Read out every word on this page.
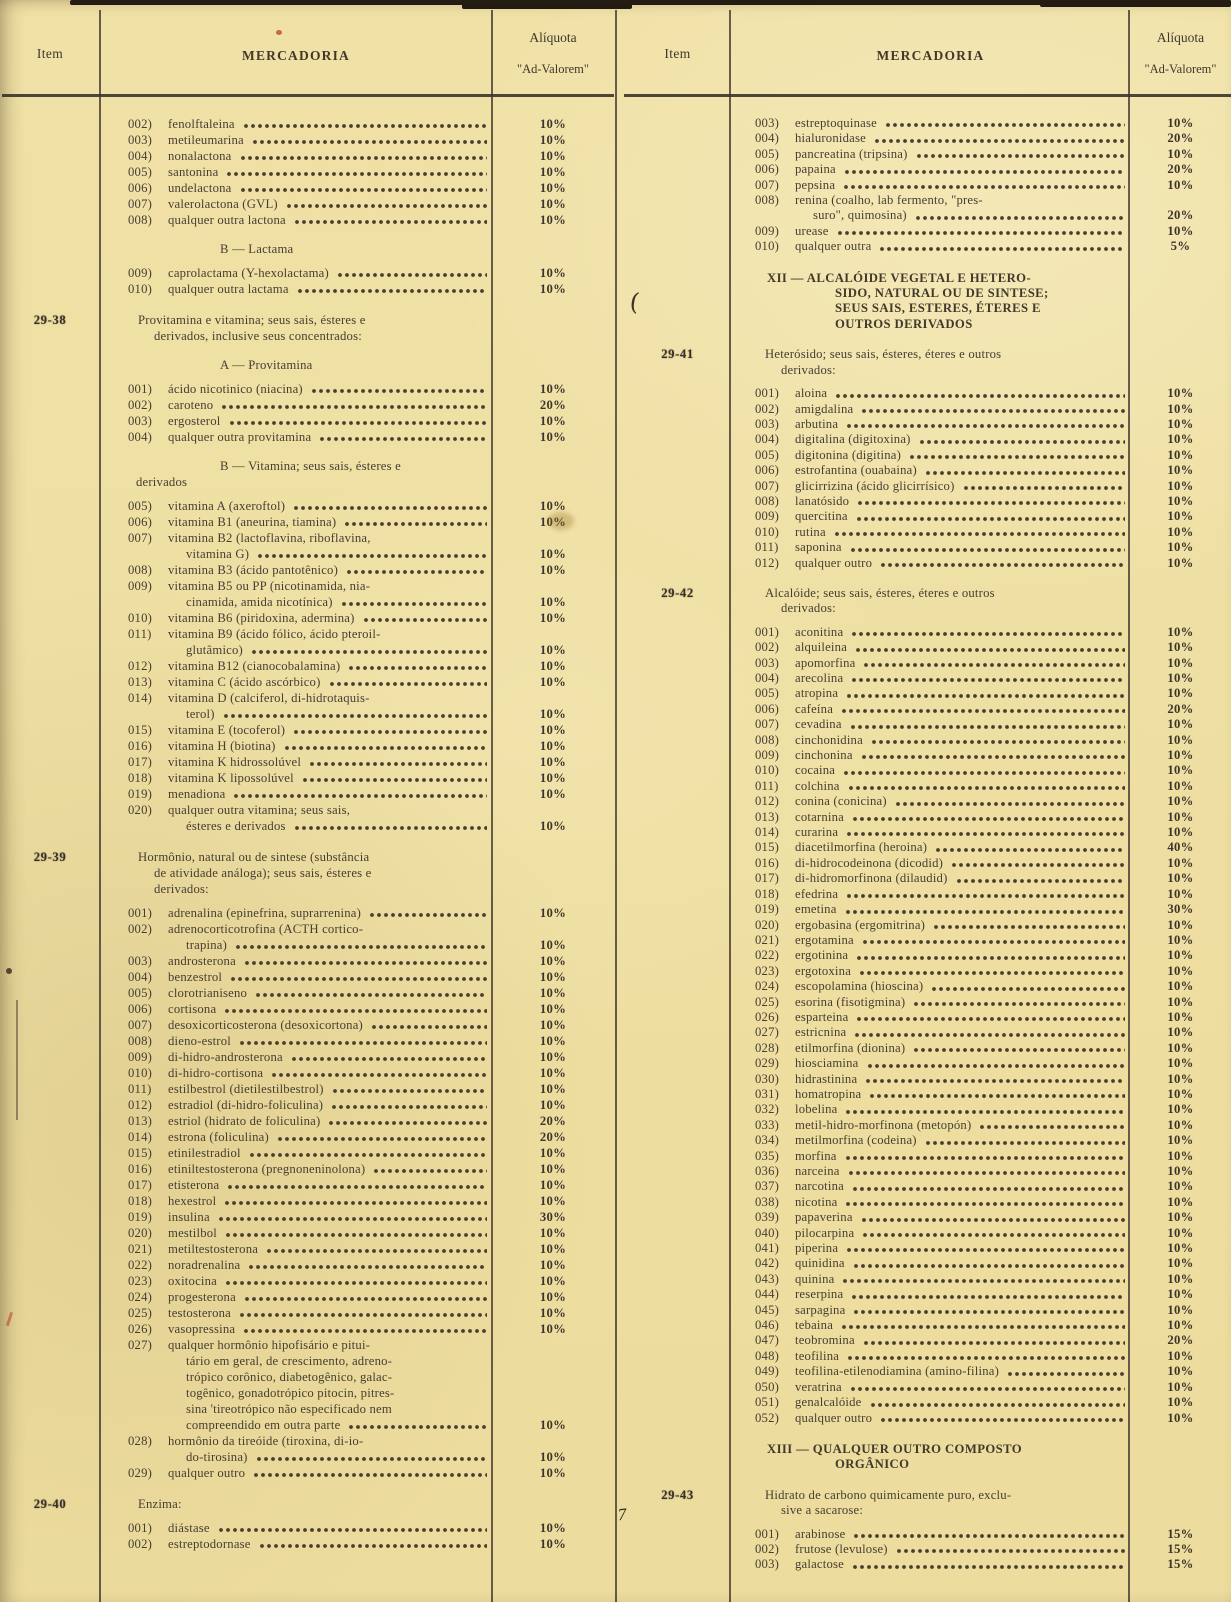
Item	MERCADORIA
Alíquota
"Ad-Valorem"
002)	fenolftaleina	10%
003)	metileumarina	10%
004)	nonalactona	10%
005)	santonina	10%
006)	undelactona	10%
007)	valerolactona (GVL)	10%
008)	qualquer outra lactona	10%
B — Lactama
009)	caprolactama (Y-hexolactama)	10%
010)	qualquer outra lactama	10%
29-38	Provitamina e vitamina; seus sais, ésteres e
derivados, inclusive seus concentrados:
A — Provitamina
001)	ácido nicotinico (niacina)	10%
002)	caroteno	20%
003)	ergosterol	10%
004)	qualquer outra provitamina	10%
B — Vitamina; seus sais, ésteres e
derivados
005)	vitamina A (axeroftol)	10%
006)	vitamina B1 (aneurina, tiamina)	10%
007)	vitamina B2 (lactoflavina, riboflavina,
vitamina G)	10%
008)	vitamina B3 (ácido pantotênico)	10%
009)	vitamina B5 ou PP (nicotinamida, nia-
cinamida, amida nicotínica)	10%
010)	vitamina B6 (piridoxina, adermina)	10%
011)	vitamina B9 (ácido fólico, ácido pteroil-
glutâmico)	10%
012)	vitamina B12 (cianocobalamina)	10%
013)	vitamina C (ácido ascórbico)	10%
014)	vitamina D (calciferol, di-hidrotaquis-
terol)	10%
015)	vitamina E (tocoferol)	10%
016)	vitamina H (biotina)	10%
017)	vitamina K hidrossolúvel	10%
018)	vitamina K lipossolúvel	10%
019)	menadiona	10%
020)	qualquer outra vitamina; seus sais,
ésteres e derivados	10%
29-39	Hormônio, natural ou de sintese (substância
de atividade análoga); seus sais, ésteres e
derivados:
001)	adrenalina (epinefrina, suprarrenina)	10%
002)	adrenocorticotrofina (ACTH cortico-
trapina)	10%
003)	androsterona	10%
004)	benzestrol	10%
005)	clorotrianiseno	10%
006)	cortisona	10%
007)	desoxicorticosterona (desoxicortona)	10%
008)	dieno-estrol	10%
009)	di-hidro-androsterona	10%
010)	di-hidro-cortisona	10%
011)	estilbestrol (dietilestilbestrol)	10%
012)	estradiol (di-hidro-foliculina)	10%
013)	estriol (hidrato de foliculina)	20%
014)	estrona (foliculina)	20%
015)	etinilestradiol	10%
016)	etiniltestosterona (pregnoneninolona)	10%
017)	etisterona	10%
018)	hexestrol	10%
019)	insulina	30%
020)	mestilbol	10%
021)	metiltestosterona	10%
022)	noradrenalina	10%
023)	oxitocina	10%
024)	progesterona	10%
025)	testosterona	10%
026)	vasopressina	10%
027)	qualquer hormônio hipofisário e pitui-
tário em geral, de crescimento, adreno-
trópico corônico, diabetogênico, galac-
togênico, gonadotrópico pitocin, pitres-
sina 'tireotrópico não especificado nem
compreendido em outra parte	10%
028)	hormônio da tireóide (tiroxina, di-io-
do-tirosina)	10%
029)	qualquer outro	10%
29-40	Enzima:
001)	diástase	10%
002)	estreptodornase	10%
Item	MERCADORIA
Alíquota
"Ad-Valorem"
003)	estreptoquinase	10%
004)	hialuronidase	20%
005)	pancreatina (tripsina)	10%
006)	papaina	20%
007)	pepsina	10%
008)	renina (coalho, lab fermento, "pres-
suro", quimosina)	20%
009)	urease	10%
010)	qualquer outra	5%
XII — ALCALÓIDE VEGETAL E HETERO-
SIDO, NATURAL OU DE SINTESE;
SEUS SAIS, ESTERES, ÉTERES E
OUTROS DERIVADOS
29-41	Heterósido; seus sais, ésteres, éteres e outros
derivados:
001)	aloina	10%
002)	amigdalina	10%
003)	arbutina	10%
004)	digitalina (digitoxina)	10%
005)	digitonina (digitina)	10%
006)	estrofantina (ouabaina)	10%
007)	glicirrizina (ácido glicirrísico)	10%
008)	lanatósido	10%
009)	quercitina	10%
010)	rutina	10%
011)	saponina	10%
012)	qualquer outro	10%
29-42	Alcalóide; seus sais, ésteres, éteres e outros
derivados:
001)	aconitina	10%
002)	alquileina	10%
003)	apomorfina	10%
004)	arecolina	10%
005)	atropina	10%
006)	cafeína	20%
007)	cevadina	10%
008)	cinchonidina	10%
009)	cinchonina	10%
010)	cocaina	10%
011)	colchina	10%
012)	conina (conicina)	10%
013)	cotarnina	10%
014)	curarina	10%
015)	diacetilmorfina (heroina)	40%
016)	di-hidrocodeinona (dicodid)	10%
017)	di-hidromorfinona (dilaudid)	10%
018)	efedrina	10%
019)	emetina	30%
020)	ergobasina (ergomitrina)	10%
021)	ergotamina	10%
022)	ergotinina	10%
023)	ergotoxina	10%
024)	escopolamina (hioscina)	10%
025)	esorina (fisotigmina)	10%
026)	esparteina	10%
027)	estricnina	10%
028)	etilmorfina (dionina)	10%
029)	hiosciamina	10%
030)	hidrastinina	10%
031)	homatropina	10%
032)	lobelina	10%
033)	metil-hidro-morfinona (metopón)	10%
034)	metilmorfina (codeina)	10%
035)	morfina	10%
036)	narceina	10%
037)	narcotina	10%
038)	nicotina	10%
039)	papaverina	10%
040)	pilocarpina	10%
041)	piperina	10%
042)	quinidina	10%
043)	quinina	10%
044)	reserpina	10%
045)	sarpagina	10%
046)	tebaina	10%
047)	teobromina	20%
048)	teofilina	10%
049)	teofilina-etilenodiamina (amino-filina)	10%
050)	veratrina	10%
051)	genalcalóide	10%
052)	qualquer outro	10%
XIII — QUALQUER OUTRO COMPOSTO
ORGÂNICO
29-43	Hidrato de carbono quimicamente puro, exclu-
sive a sacarose:
001)	arabinose	15%
002)	frutose (levulose)	15%
003)	galactose	15%
(
7
